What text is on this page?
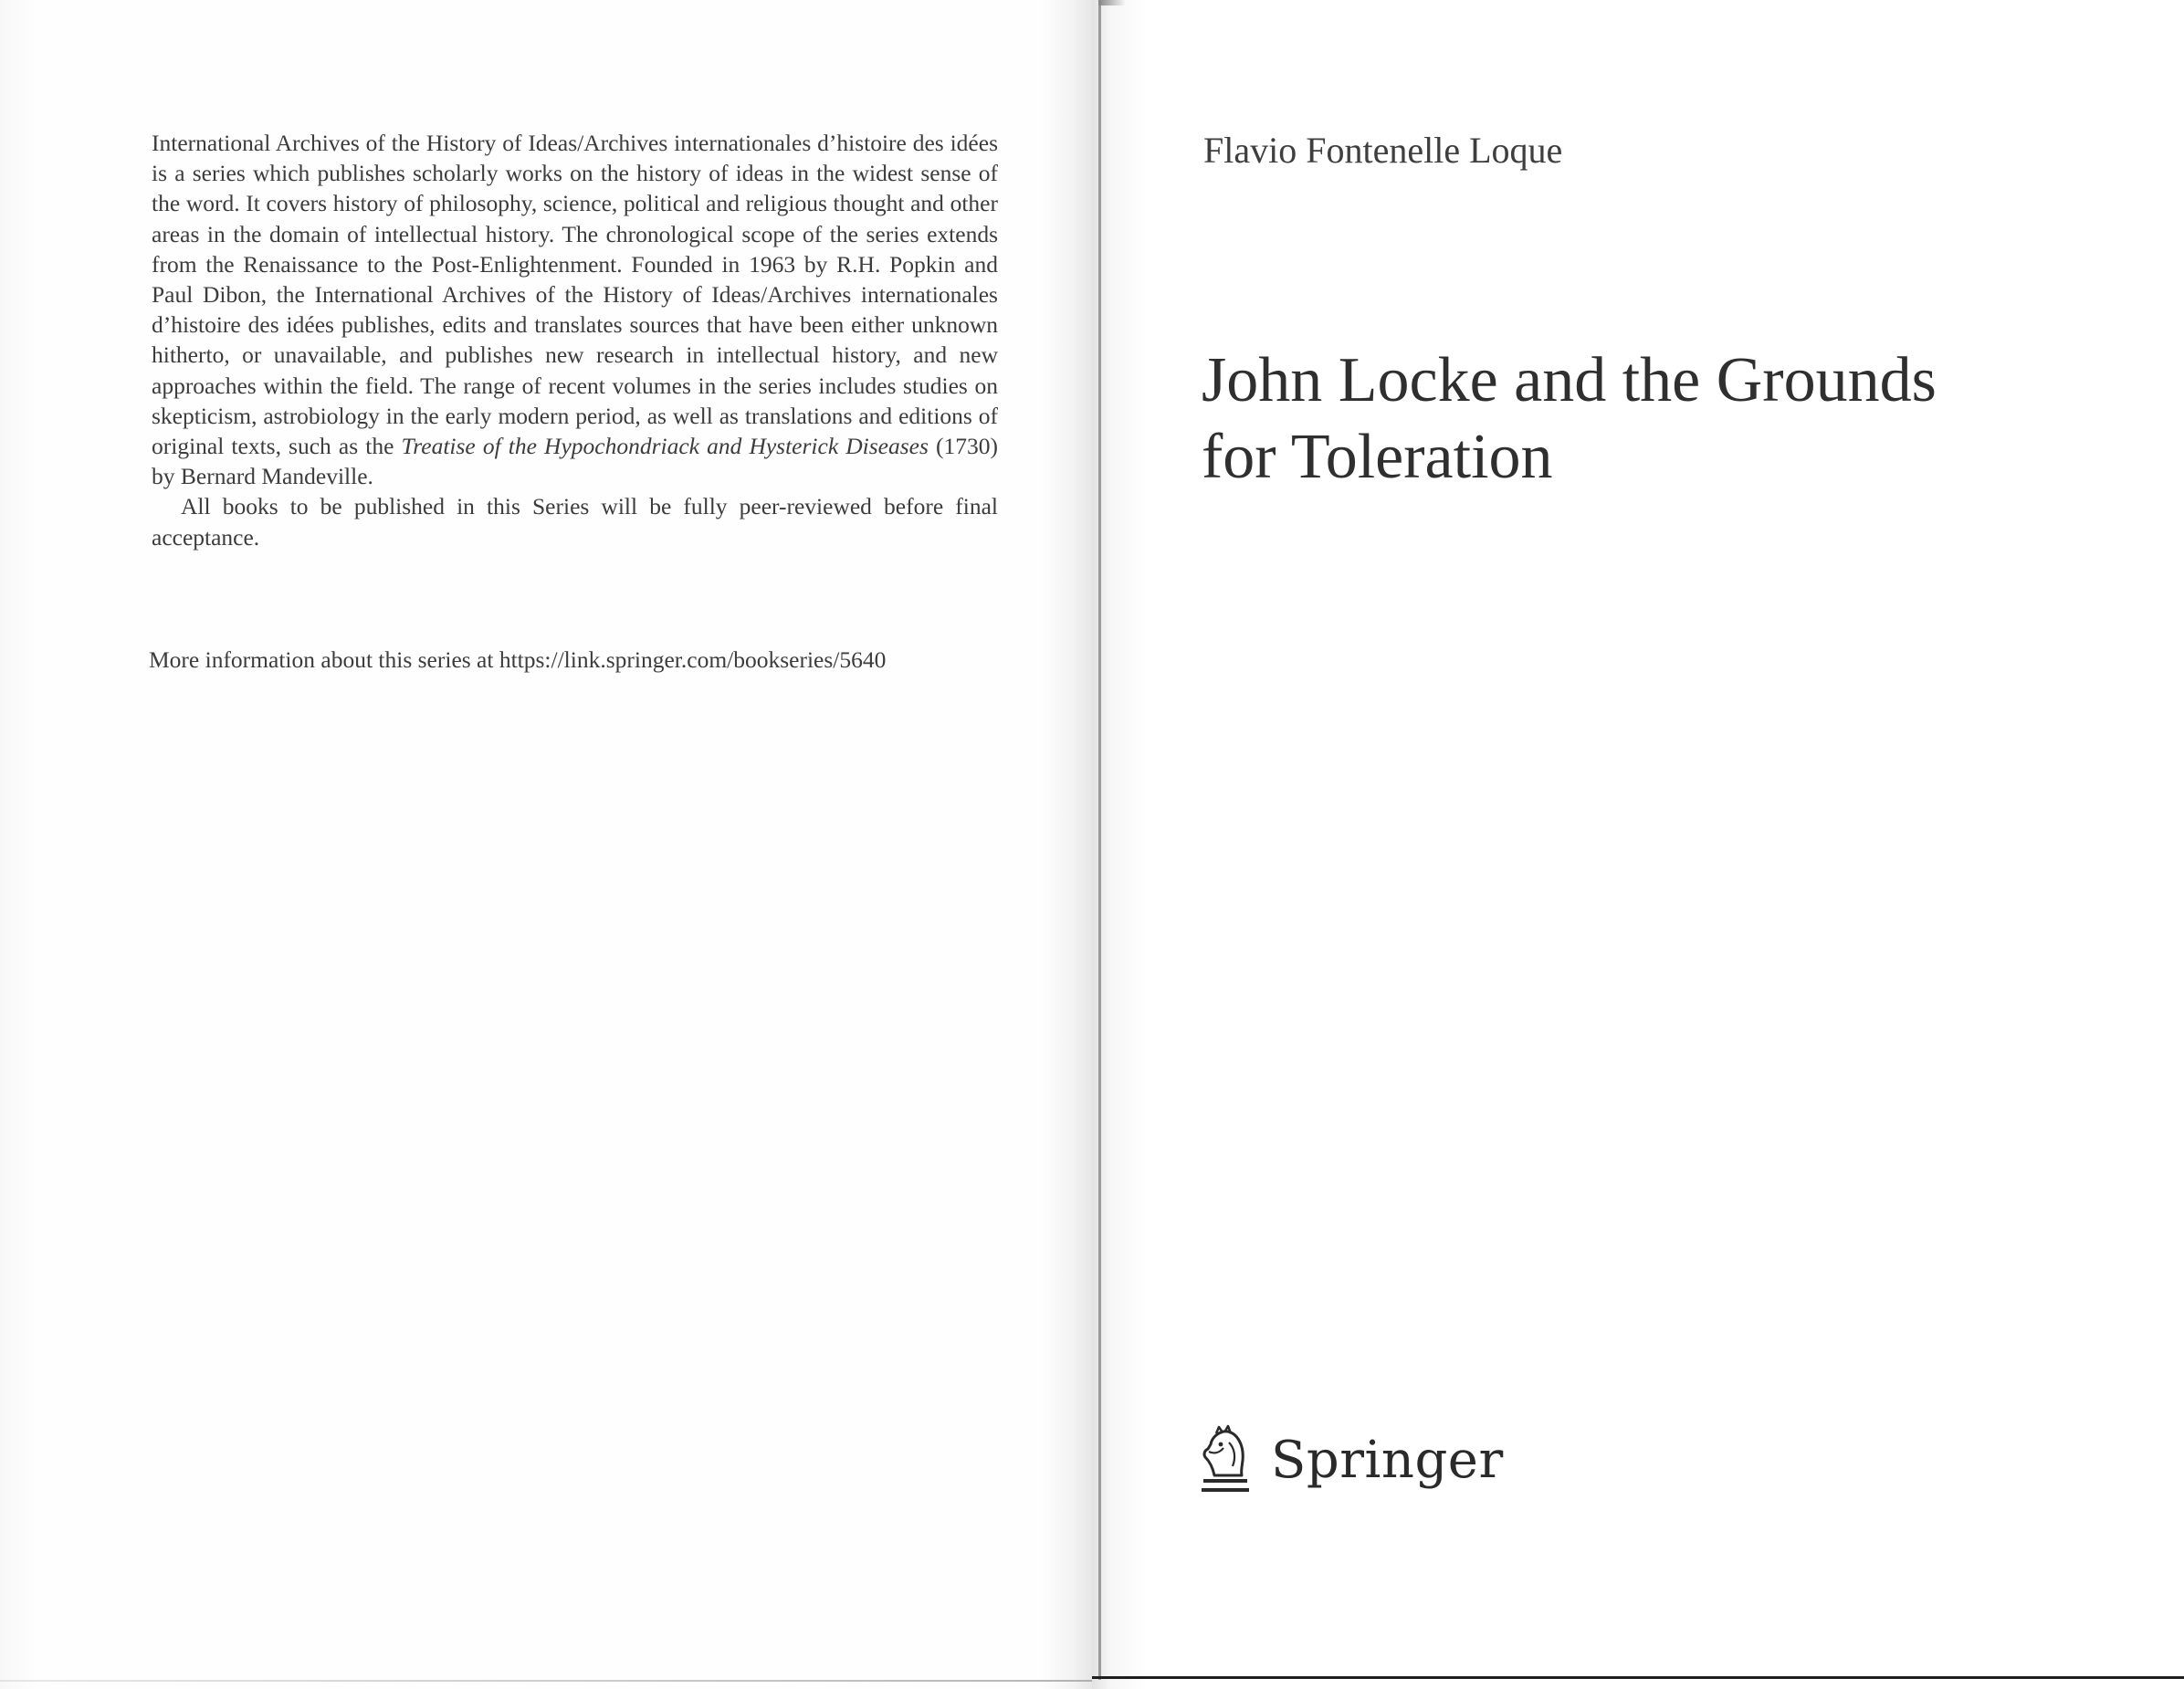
International Archives of the History of Ideas/Archives internationales d’histoire des idées is a series which publishes scholarly works on the history of ideas in the widest sense of the word. It covers history of philosophy, science, political and religious thought and other areas in the domain of intellectual history. The chronological scope of the series extends from the Renaissance to the Post-Enlightenment. Founded in 1963 by R.H. Popkin and Paul Dibon, the International Archives of the History of Ideas/Archives internationales d’histoire des idées publishes, edits and translates sources that have been either unknown hitherto, or unavailable, and publishes new research in intellectual history, and new approaches within the field. The range of recent volumes in the series includes studies on skepticism, astrobiology in the early modern period, as well as translations and editions of original texts, such as the Treatise of the Hypochondriack and Hysterick Diseases (1730) by Bernard Mandeville.

All books to be published in this Series will be fully peer-reviewed before final acceptance.

More information about this series at https://link.springer.com/bookseries/5640
Flavio Fontenelle Loque
John Locke and the Grounds
for Toleration
Springer
